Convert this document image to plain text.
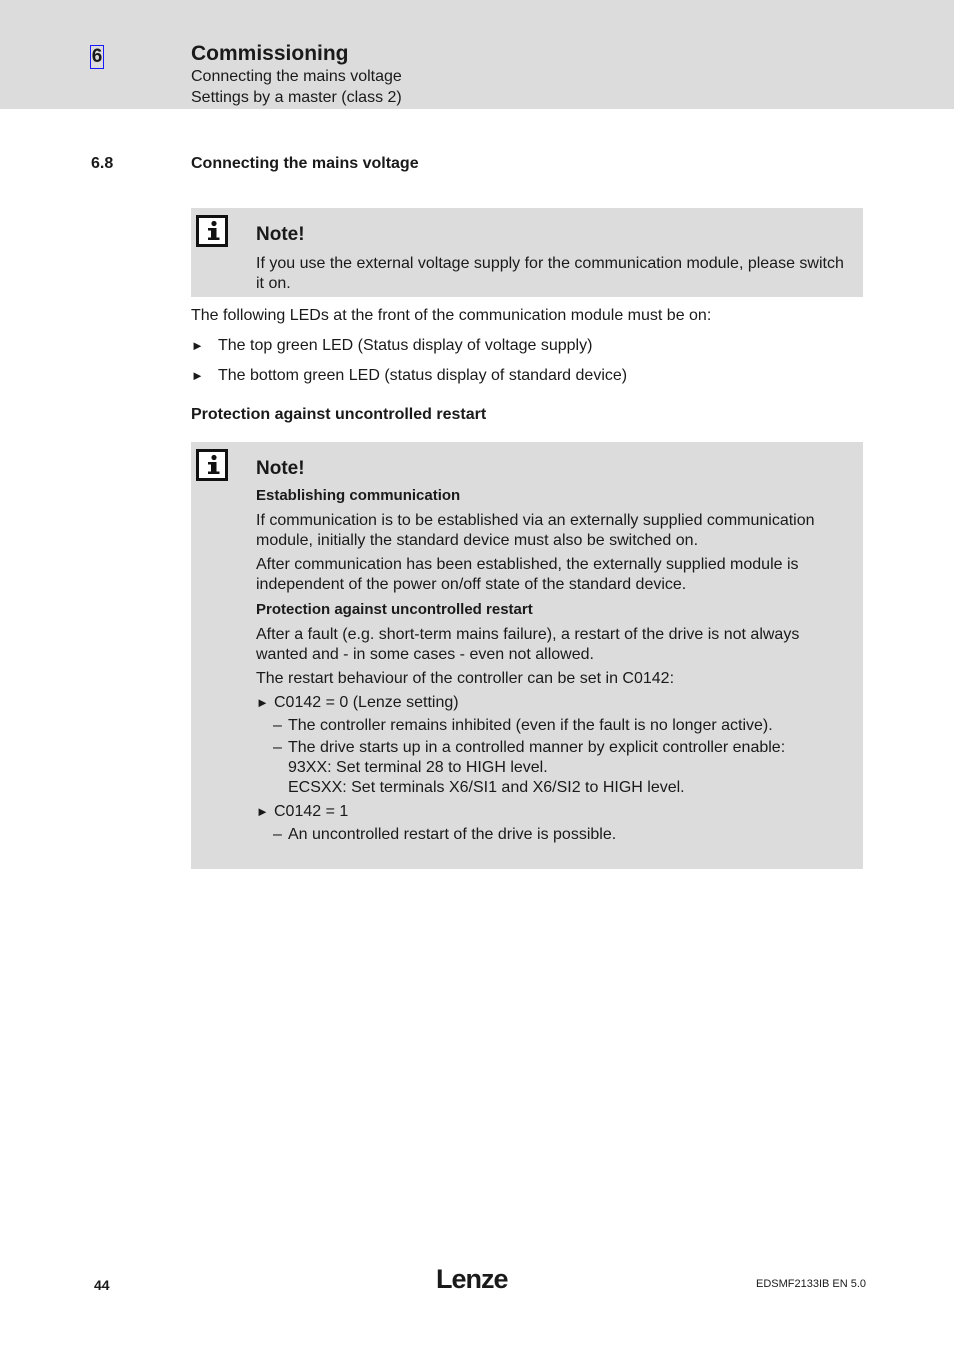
6	Commissioning
Connecting the mains voltage
Settings by a master (class 2)
6.8	Connecting the mains voltage
Note!
If you use the external voltage supply for the communication module, please switch it on.
The following LEDs at the front of the communication module must be on:
► The top green LED (Status display of voltage supply)
► The bottom green LED (status display of standard device)
Protection against uncontrolled restart
Note!
Establishing communication
If communication is to be established via an externally supplied communication module, initially the standard device must also be switched on.
After communication has been established, the externally supplied module is independent of the power on/off state of the standard device.
Protection against uncontrolled restart
After a fault (e.g. short-term mains failure), a restart of the drive is not always wanted and - in some cases - even not allowed.
The restart behaviour of the controller can be set in C0142:
► C0142 = 0 (Lenze setting)
– The controller remains inhibited (even if the fault is no longer active).
– The drive starts up in a controlled manner by explicit controller enable:
93XX: Set terminal 28 to HIGH level.
ECSXX: Set terminals X6/SI1 and X6/SI2 to HIGH level.
► C0142 = 1
– An uncontrolled restart of the drive is possible.
44	Lenze	EDSMF2133IB EN 5.0
